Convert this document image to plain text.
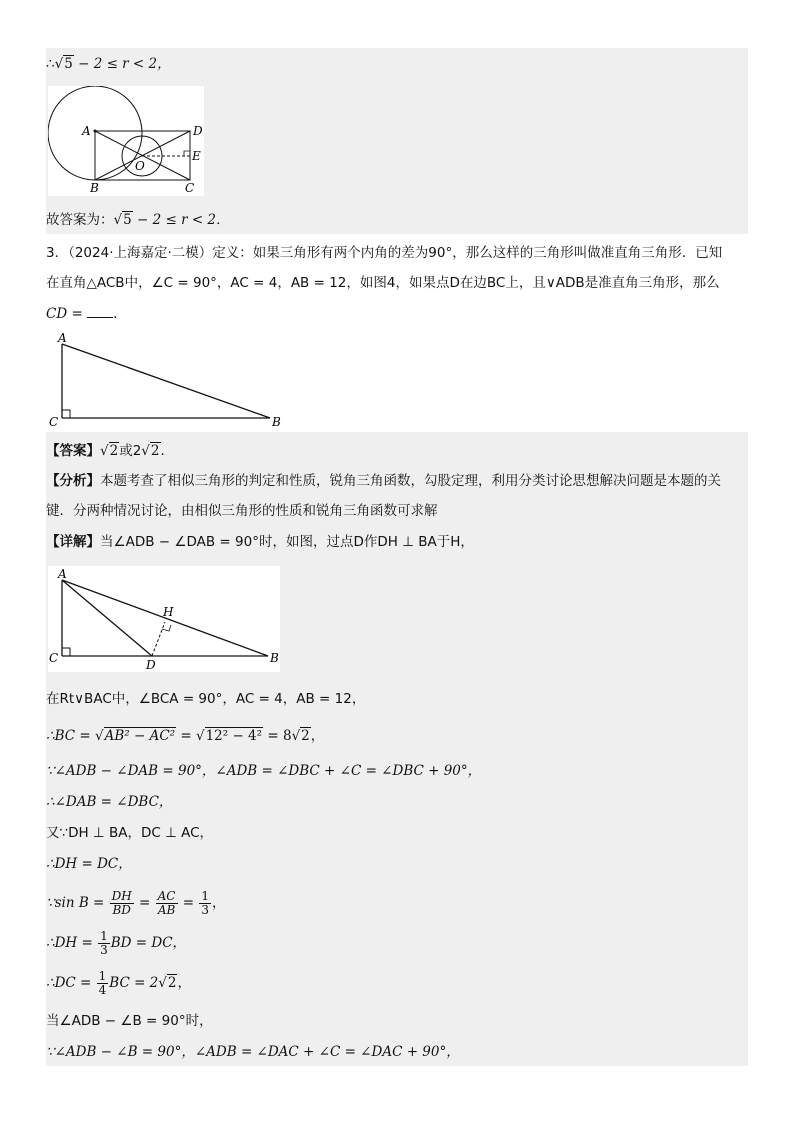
∴√5 − 2 ≤ r < 2，
A	D
E
O
B	C
故答案为：√5 − 2 ≤ r < 2．
3．（2024·上海嘉定·二模）定义：如果三角形有两个内角的差为90°，那么这样的三角形叫做准直角三角形．已知
在直角△ACB中，∠C = 90°，AC = 4，AB = 12，如图4，如果点D在边BC上，且∨ADB是准直角三角形，那么
CD = ．
A
C	B
【答案】√2或2√2．
【分析】本题考查了相似三角形的判定和性质，锐角三角函数，勾股定理，利用分类讨论思想解决问题是本题的关
键．分两种情况讨论，由相似三角形的性质和锐角三角函数可求解
【详解】当∠ADB − ∠DAB = 90°时，如图，过点D作DH ⊥ BA于H，
A
C	D
H
B
在Rt∨BAC中，∠BCA = 90°，AC = 4，AB = 12，
∴BC = √AB² − AC² = √12² − 4² = 8√2，
∵∠ADB − ∠DAB = 90°，∠ADB = ∠DBC + ∠C = ∠DBC + 90°，
∴∠DAB = ∠DBC，
又∵DH ⊥ BA，DC ⊥ AC，
∴DH = DC，
∵sin $B = \frac{DH}{BD} = \frac{AC}{AB} = \frac{1}{3}$ ，
∴DH = $\frac{1}{3}$ BD = DC，
∴DC = $\frac{1}{4}$ BC = 2√2，
当∠ADB − ∠B = 90°时，
∵∠ADB − ∠B = 90°，∠ADB = ∠DAC + ∠C = ∠DAC + 90°，
